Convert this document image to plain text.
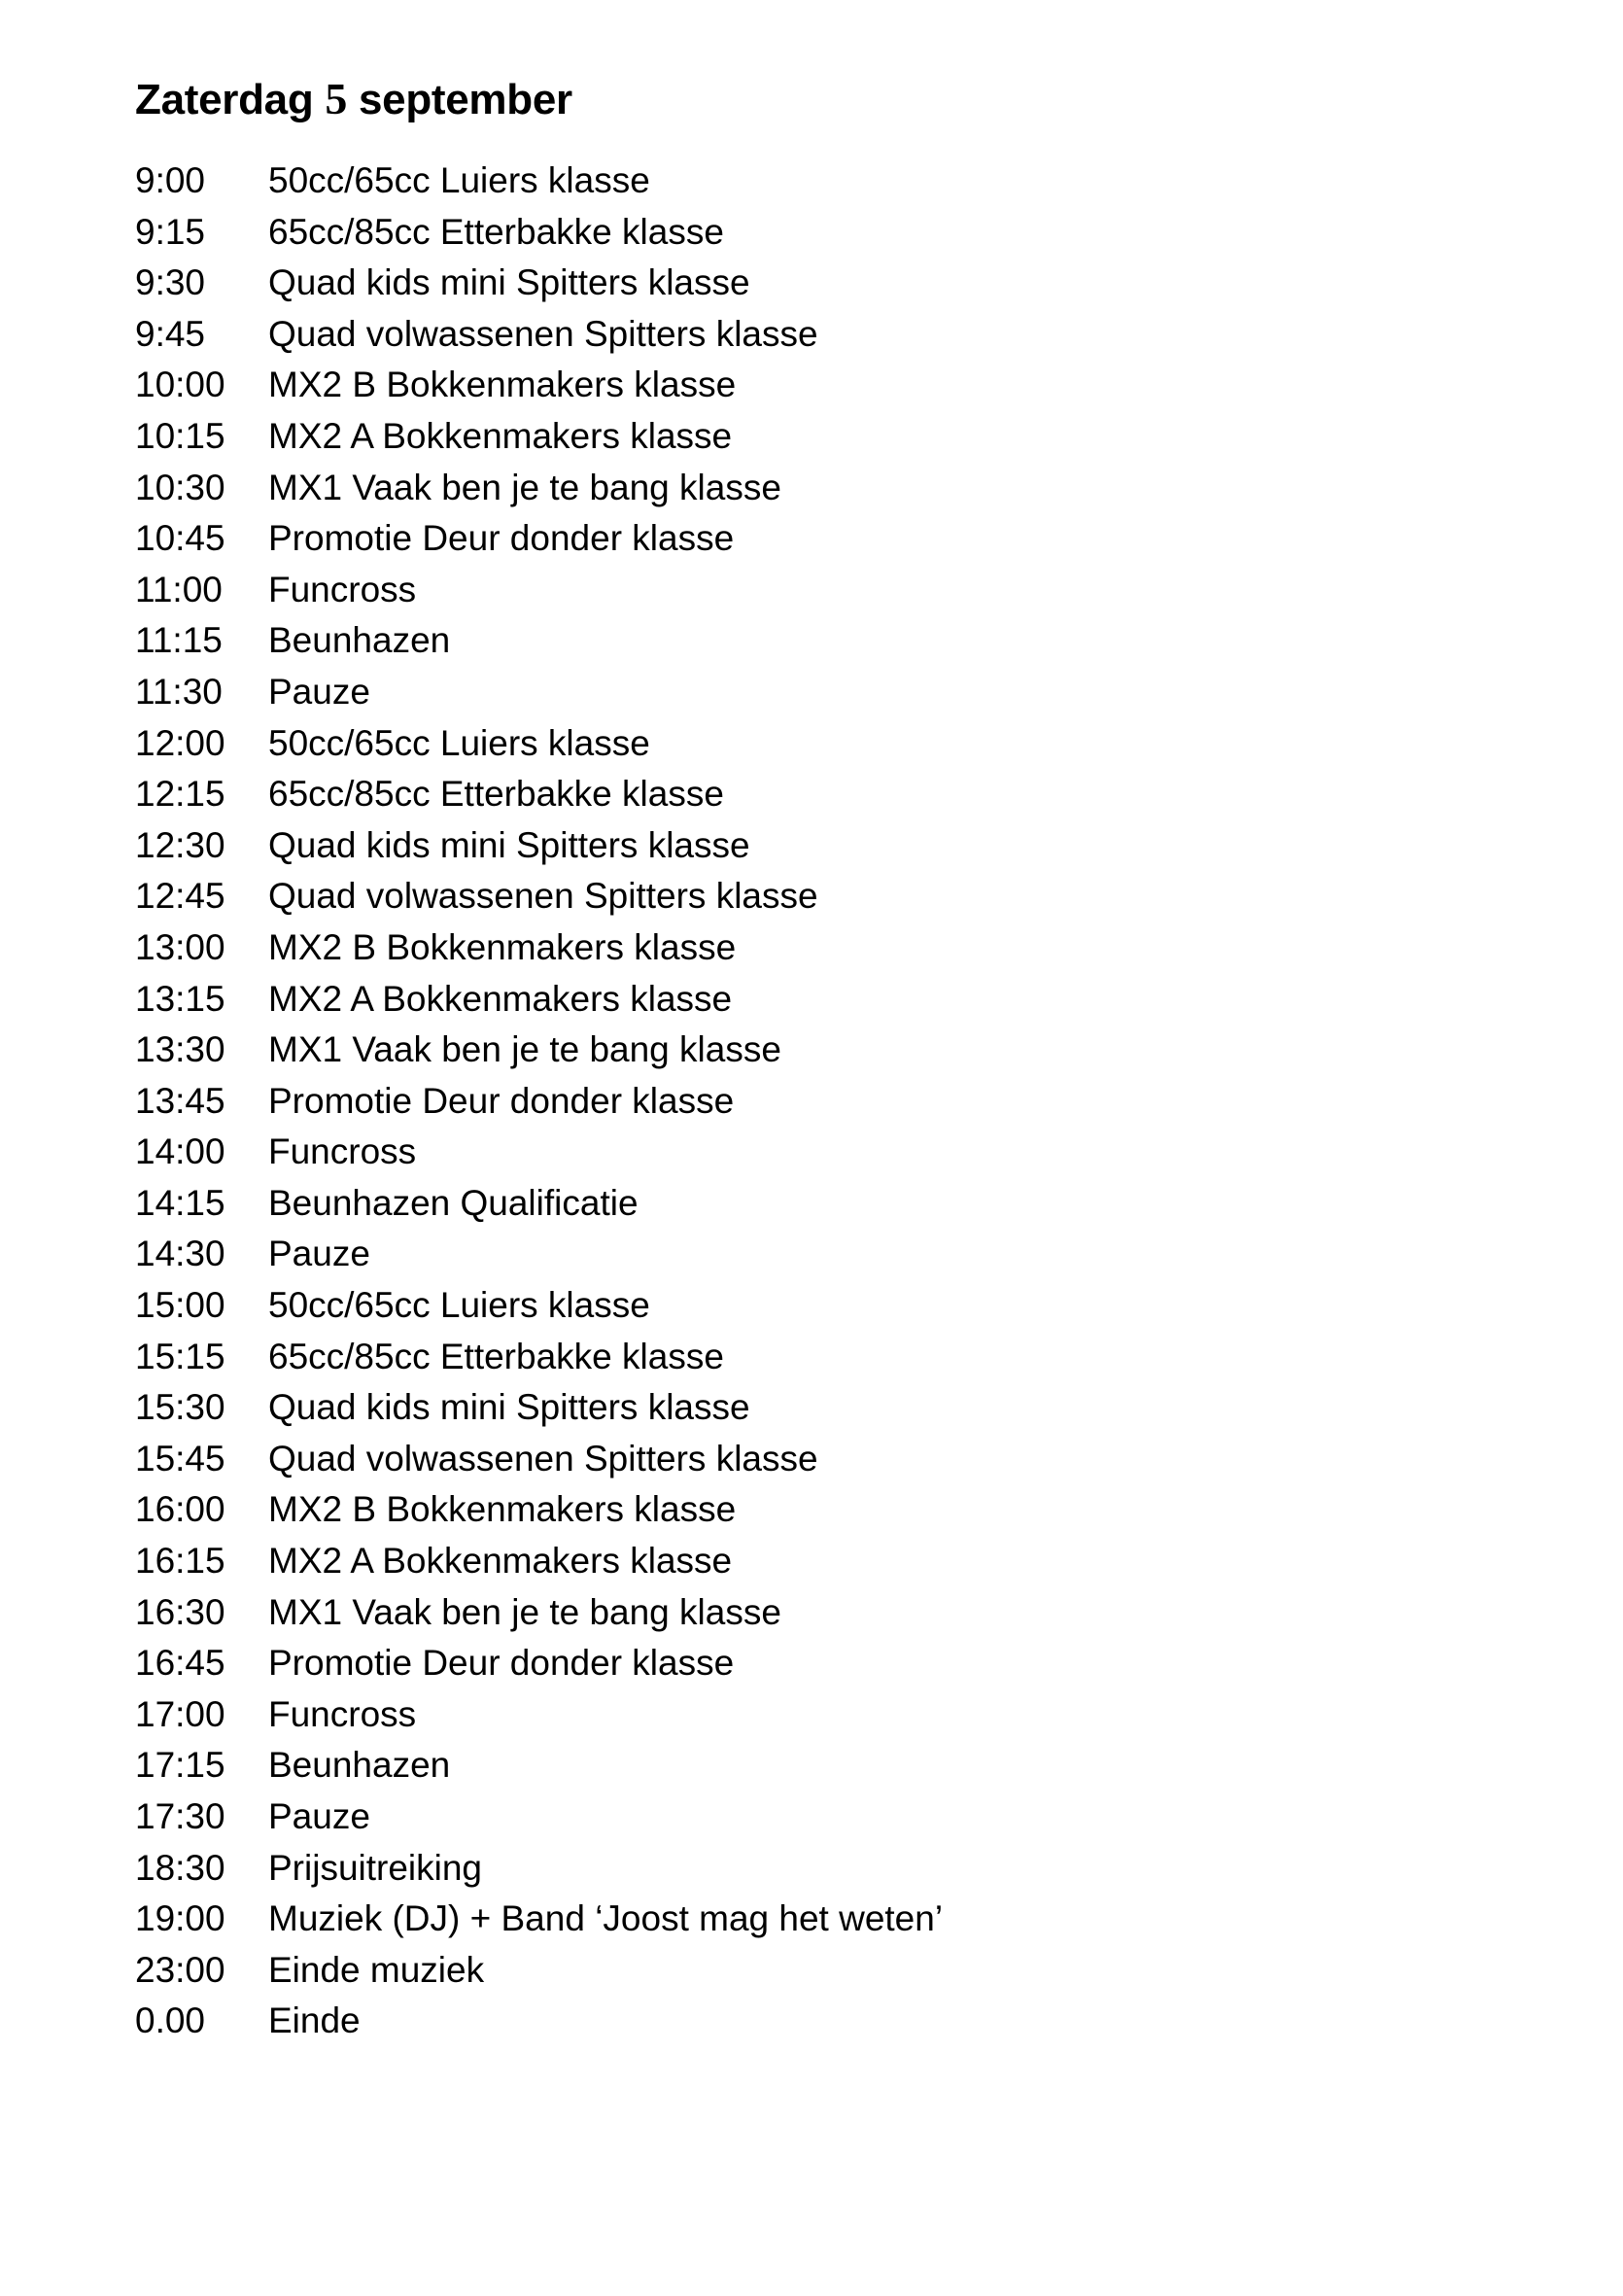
Zaterdag 5 september
9:00 50cc/65cc Luiers klasse
9:15 65cc/85cc Etterbakke klasse
9:30 Quad kids mini Spitters klasse
9:45 Quad volwassenen Spitters klasse
10:00 MX2 B Bokkenmakers klasse
10:15 MX2 A Bokkenmakers klasse
10:30 MX1 Vaak ben je te bang klasse
10:45 Promotie Deur donder klasse
11:00 Funcross
11:15 Beunhazen
11:30 Pauze
12:00 50cc/65cc Luiers klasse
12:15 65cc/85cc Etterbakke klasse
12:30 Quad kids mini Spitters klasse
12:45 Quad volwassenen Spitters klasse
13:00 MX2 B Bokkenmakers klasse
13:15 MX2 A Bokkenmakers klasse
13:30 MX1 Vaak ben je te bang klasse
13:45 Promotie Deur donder klasse
14:00 Funcross
14:15 Beunhazen Qualificatie
14:30 Pauze
15:00 50cc/65cc Luiers klasse
15:15 65cc/85cc Etterbakke klasse
15:30 Quad kids mini Spitters klasse
15:45 Quad volwassenen Spitters klasse
16:00 MX2 B Bokkenmakers klasse
16:15 MX2 A Bokkenmakers klasse
16:30 MX1 Vaak ben je te bang klasse
16:45 Promotie Deur donder klasse
17:00 Funcross
17:15 Beunhazen
17:30 Pauze
18:30 Prijsuitreiking
19:00 Muziek (DJ) + Band ‘Joost mag het weten’
23:00 Einde muziek
0.00 Einde
